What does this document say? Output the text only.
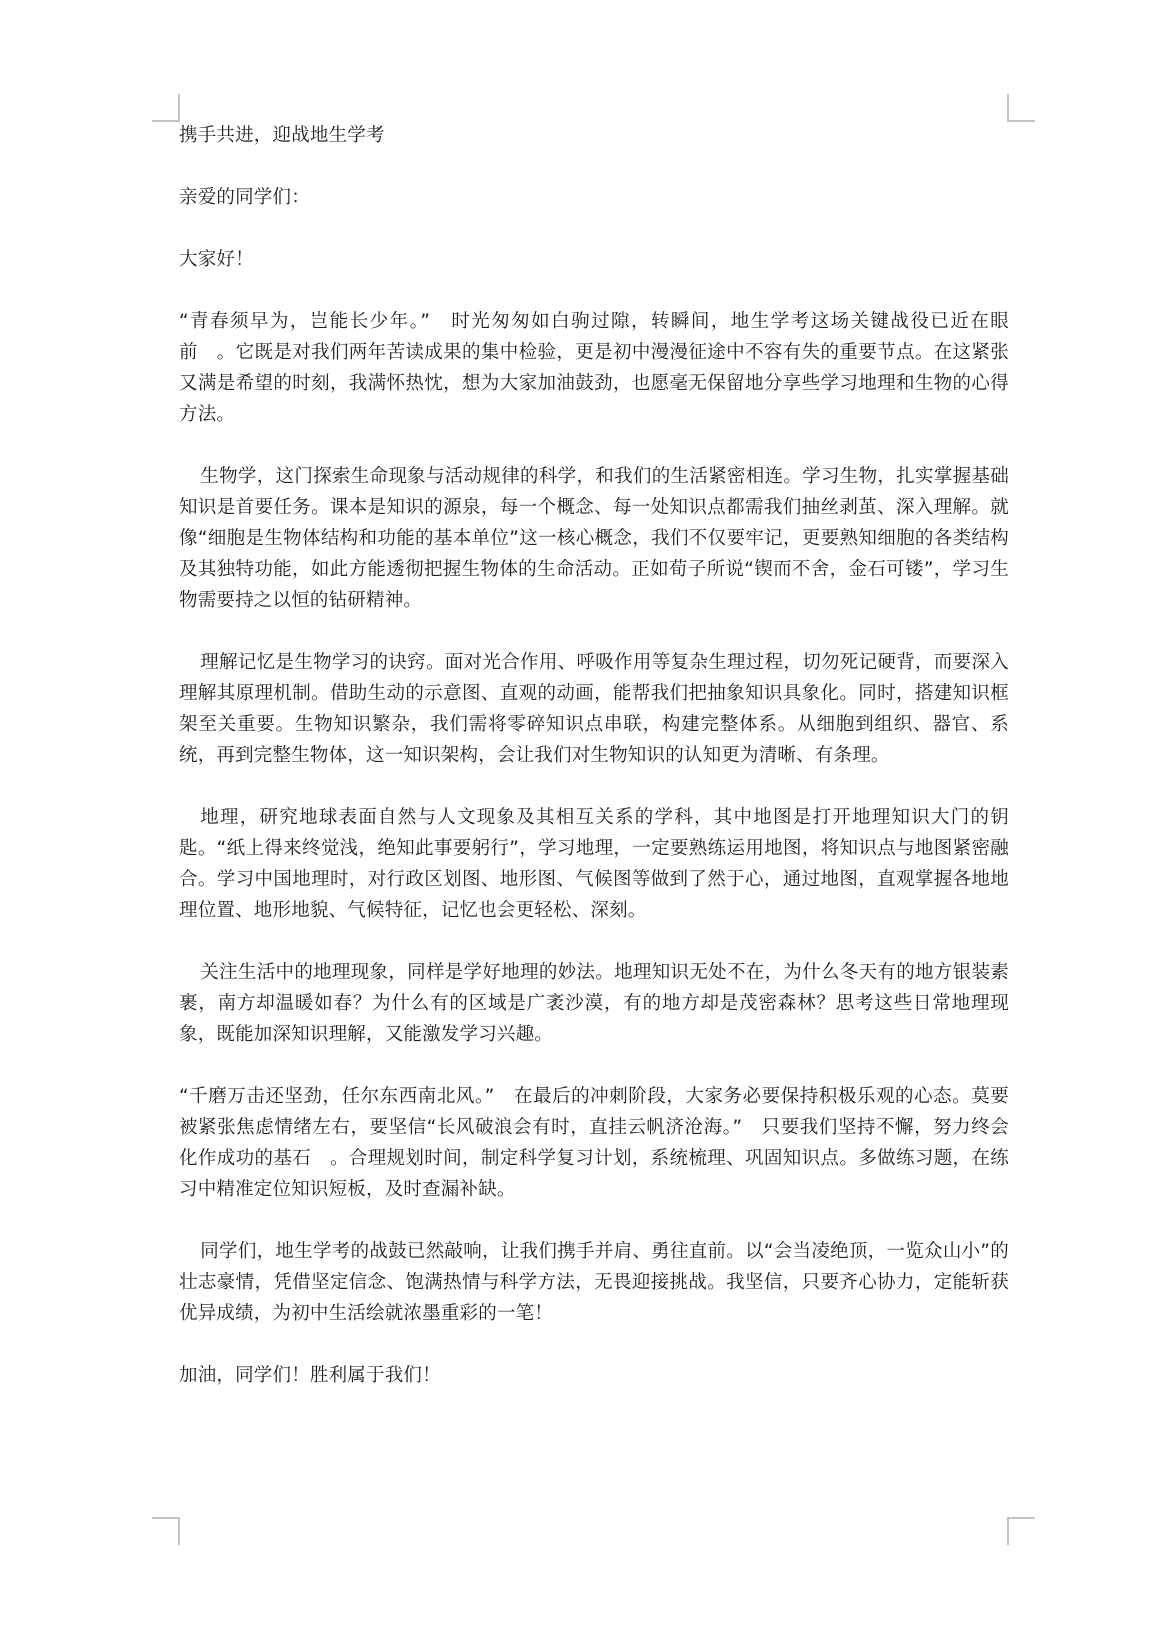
携手共进，迎战地生学考

亲爱的同学们：

大家好！

“青春须早为，岂能长少年。”　时光匆匆如白驹过隙，转瞬间，地生学考这场关键战役已近在眼前　。它既是对我们两年苦读成果的集中检验，更是初中漫漫征途中不容有失的重要节点。在这紧张又满是希望的时刻，我满怀热忱，想为大家加油鼓劲，也愿毫无保留地分享些学习地理和生物的心得方法。

生物学，这门探索生命现象与活动规律的科学，和我们的生活紧密相连。学习生物，扎实掌握基础知识是首要任务。课本是知识的源泉，每一个概念、每一处知识点都需我们抽丝剥茧、深入理解。就像“细胞是生物体结构和功能的基本单位”这一核心概念，我们不仅要牢记，更要熟知细胞的各类结构及其独特功能，如此方能透彻把握生物体的生命活动。正如荀子所说“锲而不舍，金石可镂”，学习生物需要持之以恒的钻研精神。

理解记忆是生物学习的诀窍。面对光合作用、呼吸作用等复杂生理过程，切勿死记硬背，而要深入理解其原理机制。借助生动的示意图、直观的动画，能帮我们把抽象知识具象化。同时，搭建知识框架至关重要。生物知识繁杂，我们需将零碎知识点串联，构建完整体系。从细胞到组织、器官、系统，再到完整生物体，这一知识架构，会让我们对生物知识的认知更为清晰、有条理。

地理，研究地球表面自然与人文现象及其相互关系的学科，其中地图是打开地理知识大门的钥匙。“纸上得来终觉浅，绝知此事要躬行”，学习地理，一定要熟练运用地图，将知识点与地图紧密融合。学习中国地理时，对行政区划图、地形图、气候图等做到了然于心，通过地图，直观掌握各地地理位置、地形地貌、气候特征，记忆也会更轻松、深刻。

关注生活中的地理现象，同样是学好地理的妙法。地理知识无处不在，为什么冬天有的地方银装素裹，南方却温暖如春？为什么有的区域是广袤沙漠，有的地方却是茂密森林？思考这些日常地理现象，既能加深知识理解，又能激发学习兴趣。

“千磨万击还坚劲，任尔东西南北风。”　在最后的冲刺阶段，大家务必要保持积极乐观的心态。莫要被紧张焦虑情绪左右，要坚信“长风破浪会有时，直挂云帆济沧海。”　只要我们坚持不懈，努力终会化作成功的基石　。合理规划时间，制定科学复习计划，系统梳理、巩固知识点。多做练习题，在练习中精准定位知识短板，及时查漏补缺。

同学们，地生学考的战鼓已然敲响，让我们携手并肩、勇往直前。以“会当凌绝顶，一览众山小”的壮志豪情，凭借坚定信念、饱满热情与科学方法，无畏迎接挑战。我坚信，只要齐心协力，定能斩获优异成绩，为初中生活绘就浓墨重彩的一笔！

加油，同学们！胜利属于我们！
